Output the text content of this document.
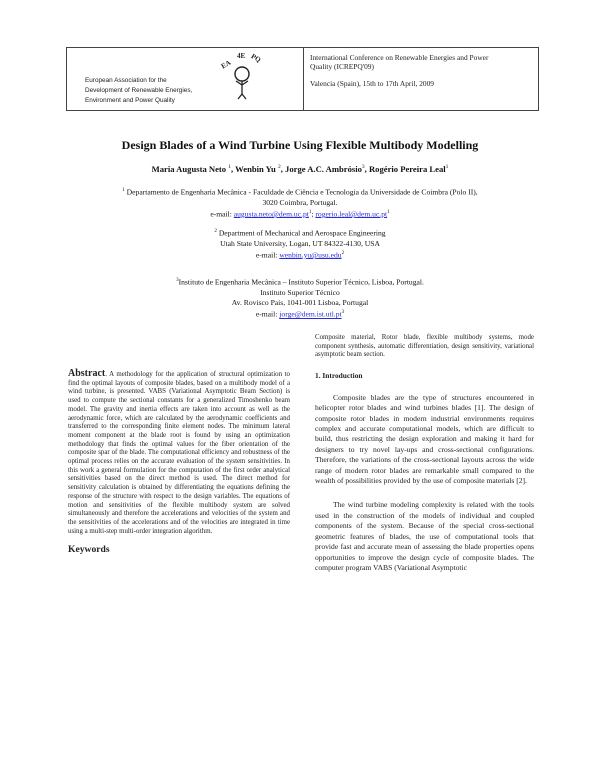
European Association for the
Development of Renewable Energies,
Environment and Power Quality
EA
4E PQ	International Conference on Renewable Energies and Power
Quality (ICREPQ'09)
Valencia (Spain), 15th to 17th April, 2009
Design Blades of a Wind Turbine Using Flexible Multibody Modelling
Maria Augusta Neto $^1$, Wenbin Yu $^2$, Jorge A.C. Ambrósio$^3$, Rogério Pereira Leal$^1$
$^1$ Departamento de Engenharia Mecânica - Faculdade de Ciência e Tecnologia da Universidade de Coimbra (Polo II),
3020 Coimbra, Portugal.
e-mail: $augusta.neto@dem.uc.pt^1$; $rogerio.leal@dem.uc.pt^1$
$^2$ Department of Mechanical and Aerospace Engineering
Utah State University, Logan, UT 84322-4130, USA
e-mail: wenbin.yu@usu.edu$^2$
$^3$Instituto de Engenharia Mecânica – Instituto Superior Técnico, Lisboa, Portugal.
Instituto Superior Técnico
Av. Rovisco Pais, 1041-001 Lisboa, Portugal
e-mail: $jorge@dem.ist.utl.pt^3$
Abstract. A methodology for the application of structural optimization to find the optimal layouts of composite blades, based on a multibody model of a wind turbine, is presented. VABS (Variational Asymptotic Beam Section) is used to compute the sectional constants for a generalized Timoshenko beam model. The gravity and inertia effects are taken into account as well as the aerodynamic force, which are calculated by the aerodynamic coefficients and transferred to the corresponding finite element nodes. The minimum lateral moment component at the blade root is found by using an optimization methodology that finds the optimal values for the fiber orientation of the composite spar of the blade. The computational efficiency and robustness of the optimal process relies on the accurate evaluation of the system sensitivities. In this work a general formulation for the computation of the first order analytical sensitivities based on the direct method is used. The direct method for sensitivity calculation is obtained by differentiating the equations defining the response of the structure with respect to the design variables. The equations of motion and sensitivities of the flexible multibody system are solved simultaneously and therefore the accelerations and velocities of the system and the sensitivities of the accelerations and of the velocities are integrated in time using a multi-step multi-order integration algorithm.
Keywords
Composite material, Rotor blade, flexible multibody systems, mode component synthesis, automatic differentiation, design sensitivity, variational asymptotic beam section.
1. Introduction

Composite blades are the type of structures encountered in helicopter rotor blades and wind turbines blades [1]. The design of composite rotor blades in modern industrial environments requires complex and accurate computational models, which are difficult to build, thus restricting the design exploration and making it hard for designers to try novel lay-ups and cross-sectional configurations. Therefore, the variations of the cross-sectional layouts across the wide range of modern rotor blades are remarkable small compared to the wealth of possibilities provided by the use of composite materials [2].

The wind turbine modeling complexity is related with the tools used in the construction of the models of individual and coupled components of the system. Because of the special cross-sectional geometric features of blades, the use of computational tools that provide fast and accurate mean of assessing the blade properties opens opportunities to improve the design cycle of composite blades. The computer program VABS (Variational Asymptotic
